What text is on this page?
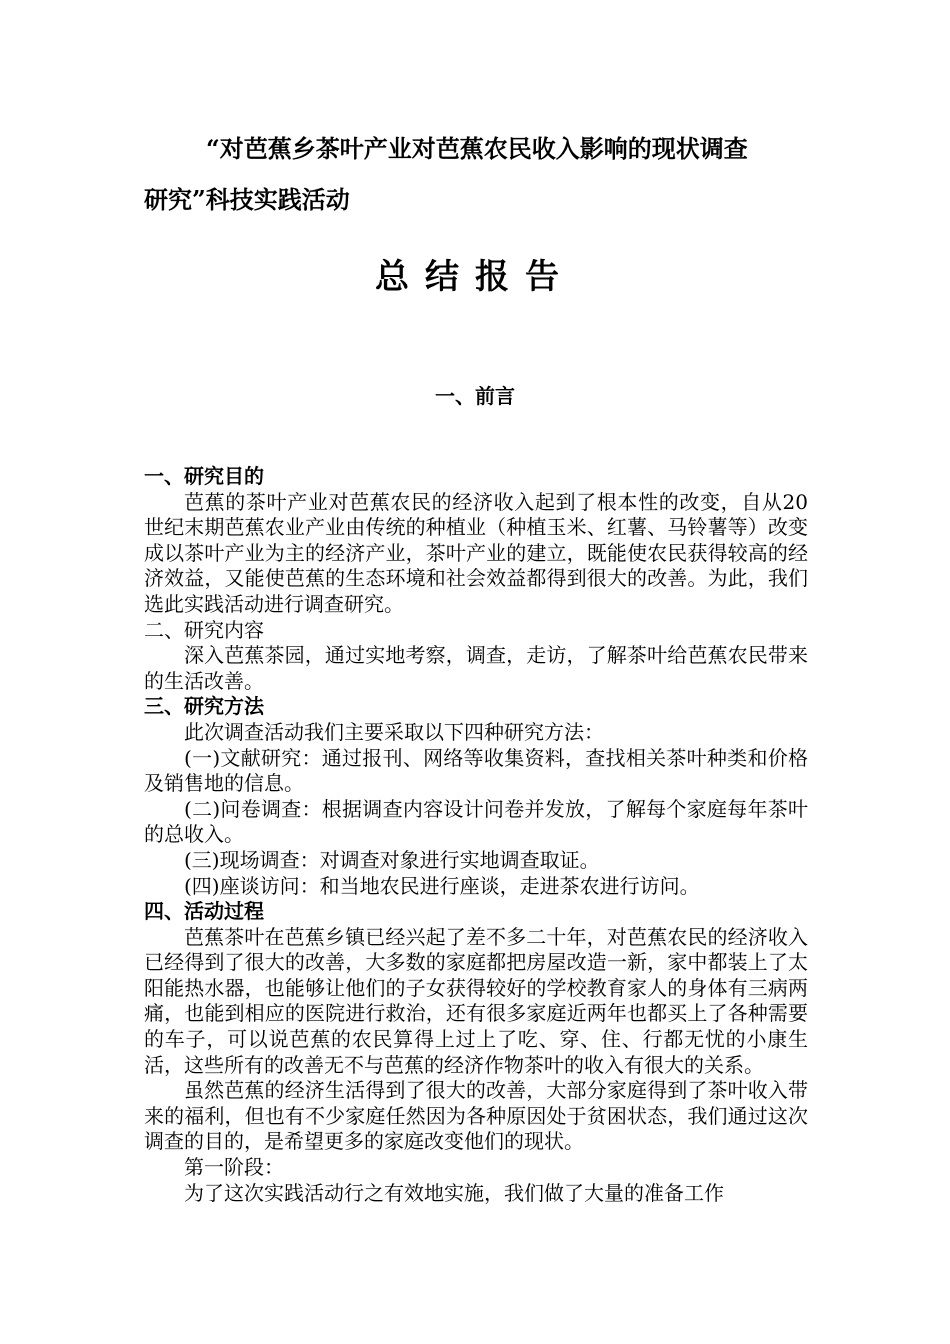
“对芭蕉乡茶叶产业对芭蕉农民收入影响的现状调查
研究”科技实践活动
总结报告
一、前言
一、研究目的
芭蕉的茶叶产业对芭蕉农民的经济收入起到了根本性的改变，自从20世纪末期芭蕉农业产业由传统的种植业（种植玉米、红薯、马铃薯等）改变成以茶叶产业为主的经济产业，茶叶产业的建立，既能使农民获得较高的经济效益，又能使芭蕉的生态环境和社会效益都得到很大的改善。为此，我们选此实践活动进行调查研究。
二、研究内容
深入芭蕉茶园，通过实地考察，调查，走访，了解茶叶给芭蕉农民带来的生活改善。
三、研究方法
此次调查活动我们主要采取以下四种研究方法：
(一)文献研究：通过报刊、网络等收集资料，查找相关茶叶种类和价格及销售地的信息。
(二)问卷调查：根据调查内容设计问卷并发放，了解每个家庭每年茶叶的总收入。
(三)现场调查：对调查对象进行实地调查取证。
(四)座谈访问：和当地农民进行座谈，走进茶农进行访问。
四、活动过程
芭蕉茶叶在芭蕉乡镇已经兴起了差不多二十年，对芭蕉农民的经济收入已经得到了很大的改善，大多数的家庭都把房屋改造一新，家中都装上了太阳能热水器，也能够让他们的子女获得较好的学校教育家人的身体有三病两痛，也能到相应的医院进行救治，还有很多家庭近两年也都买上了各种需要的车子，可以说芭蕉的农民算得上过上了吃、穿、住、行都无忧的小康生活，这些所有的改善无不与芭蕉的经济作物茶叶的收入有很大的关系。
虽然芭蕉的经济生活得到了很大的改善，大部分家庭得到了茶叶收入带来的福利，但也有不少家庭任然因为各种原因处于贫困状态，我们通过这次调查的目的，是希望更多的家庭改变他们的现状。
第一阶段：
为了这次实践活动行之有效地实施，我们做了大量的准备工作
